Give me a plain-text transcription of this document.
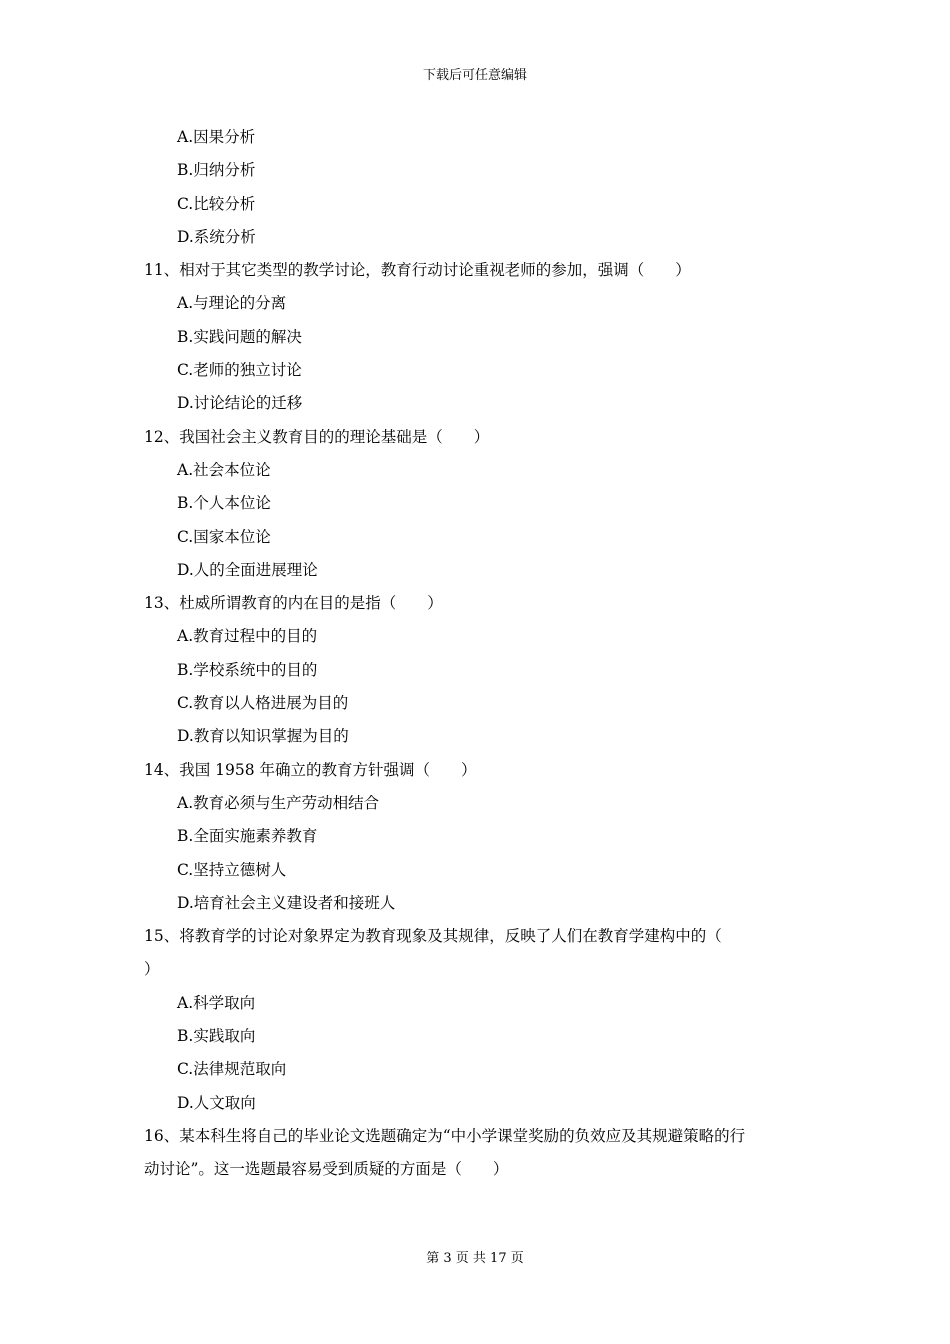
下载后可任意编辑
A.因果分析
B.归纳分析
C.比较分析
D.系统分析
11、相对于其它类型的教学讨论，教育行动讨论重视老师的参加，强调（　　）
A.与理论的分离
B.实践问题的解决
C.老师的独立讨论
D.讨论结论的迁移
12、我国社会主义教育目的的理论基础是（　　）
A.社会本位论
B.个人本位论
C.国家本位论
D.人的全面进展理论
13、杜威所谓教育的内在目的是指（　　）
A.教育过程中的目的
B.学校系统中的目的
C.教育以人格进展为目的
D.教育以知识掌握为目的
14、我国 1958 年确立的教育方针强调（　　）
A.教育必须与生产劳动相结合
B.全面实施素养教育
C.坚持立德树人
D.培育社会主义建设者和接班人
15、将教育学的讨论对象界定为教育现象及其规律，反映了人们在教育学建构中的（
）
A.科学取向
B.实践取向
C.法律规范取向
D.人文取向
16、某本科生将自己的毕业论文选题确定为“中小学课堂奖励的负效应及其规避策略的行
动讨论”。这一选题最容易受到质疑的方面是（　　）
第 3 页 共 17 页
